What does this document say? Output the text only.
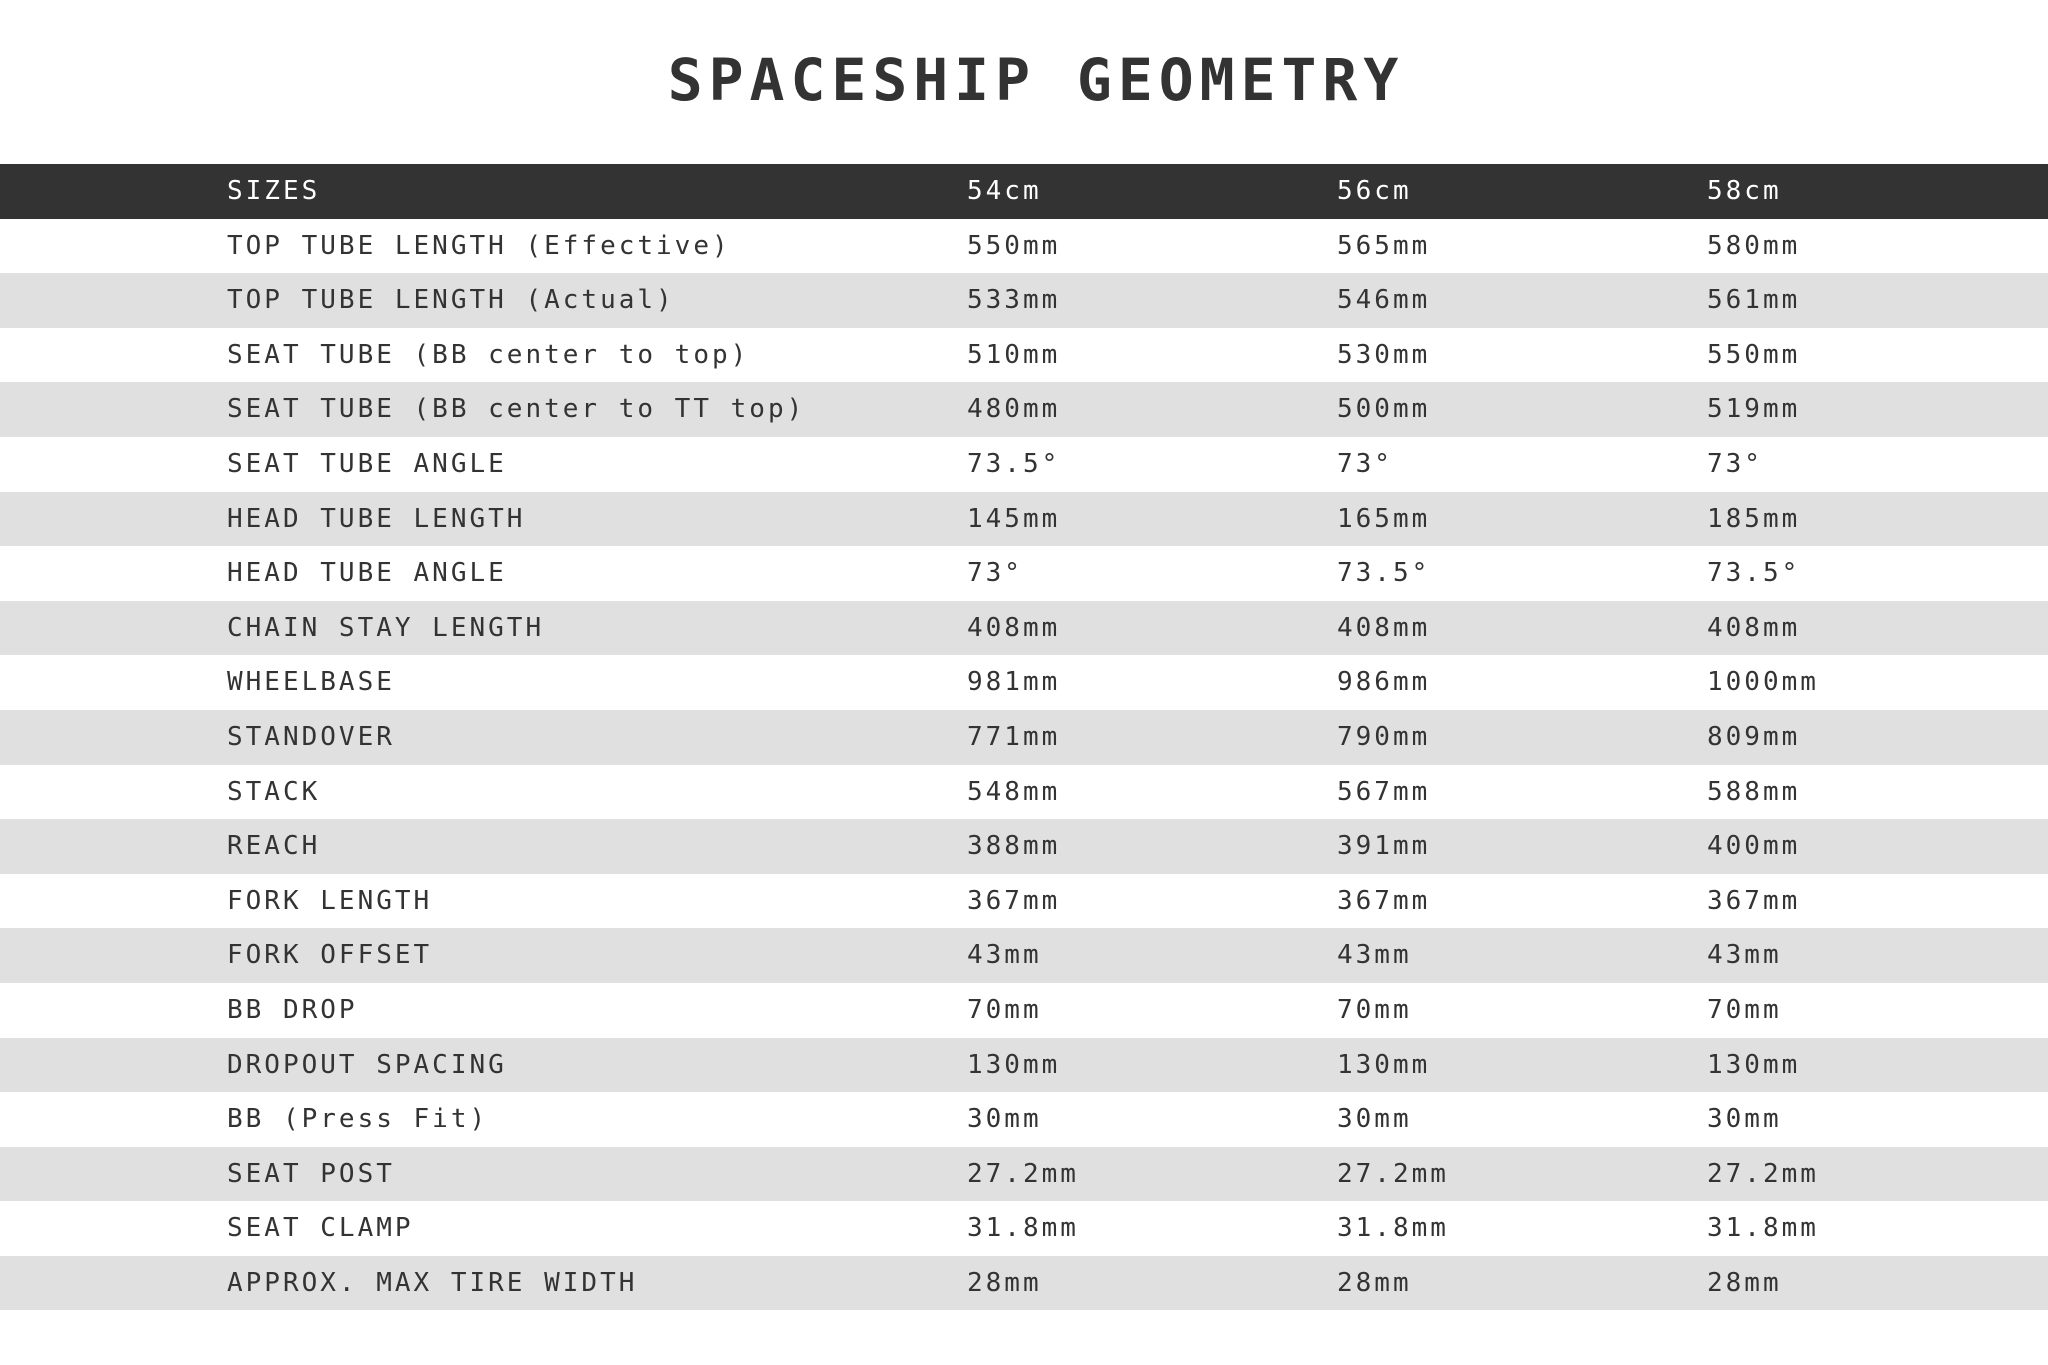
SPACESHIP GEOMETRY
SIZES	54cm	56cm	58cm
TOP TUBE LENGTH (Effective)	550mm	565mm	580mm
TOP TUBE LENGTH (Actual)	533mm	546mm	561mm
SEAT TUBE (BB center to top)	510mm	530mm	550mm
SEAT TUBE (BB center to TT top)	480mm	500mm	519mm
SEAT TUBE ANGLE	73.5°	73°	73°
HEAD TUBE LENGTH	145mm	165mm	185mm
HEAD TUBE ANGLE	73°	73.5°	73.5°
CHAIN STAY LENGTH	408mm	408mm	408mm
WHEELBASE	981mm	986mm	1000mm
STANDOVER	771mm	790mm	809mm
STACK	548mm	567mm	588mm
REACH	388mm	391mm	400mm
FORK LENGTH	367mm	367mm	367mm
FORK OFFSET	43mm	43mm	43mm
BB DROP	70mm	70mm	70mm
DROPOUT SPACING	130mm	130mm	130mm
BB (Press Fit)	30mm	30mm	30mm
SEAT POST	27.2mm	27.2mm	27.2mm
SEAT CLAMP	31.8mm	31.8mm	31.8mm
APPROX. MAX TIRE WIDTH	28mm	28mm	28mm
